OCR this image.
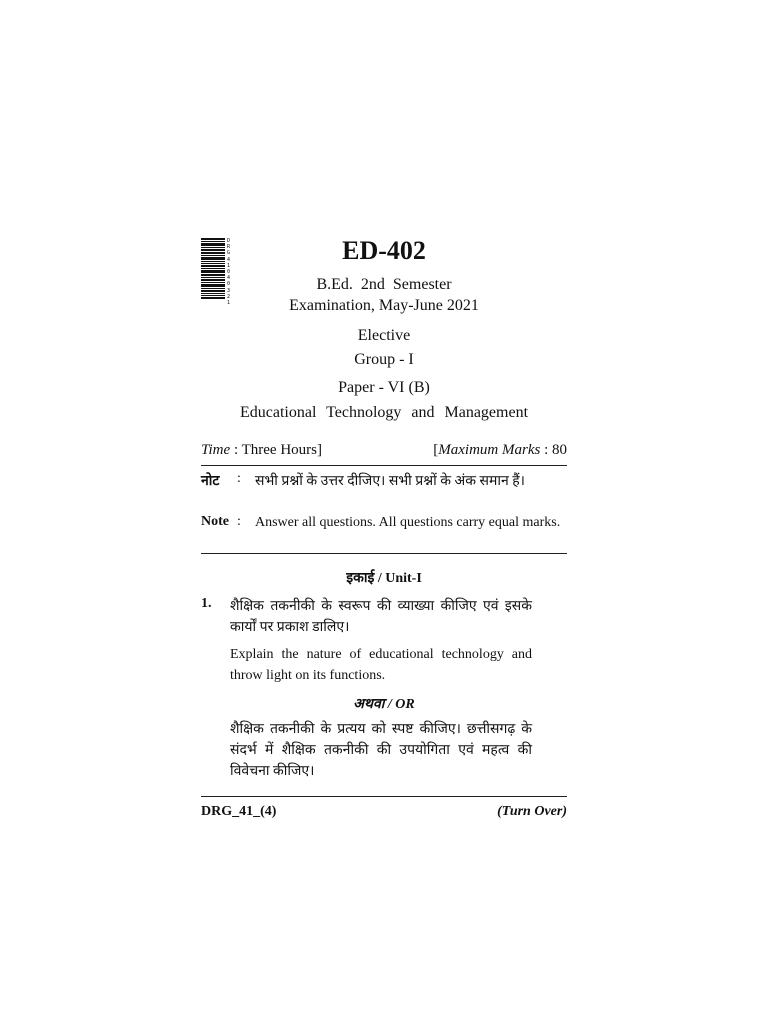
D
R
G
4
1
0
4
0
3
2
1
ED-402
B.Ed. 2nd Semester
Examination, May-June 2021
Elective
Group - I
Paper - VI (B)
Educational Technology and Management
Time : Three Hours]	[Maximum Marks : 80
नोट : सभी प्रश्नों के उत्तर दीजिए। सभी प्रश्नों के अंक समान हैं।
Note : Answer all questions. All questions carry equal marks.
इकाई / Unit-I
1. शैक्षिक तकनीकी के स्वरूप की व्याख्या कीजिए एवं इसके कार्यों पर प्रकाश डालिए।
Explain the nature of educational technology and throw light on its functions.
अथवा / OR
शैक्षिक तकनीकी के प्रत्यय को स्पष्ट कीजिए। छत्तीसगढ़ के संदर्भ में शैक्षिक तकनीकी की उपयोगिता एवं महत्व की विवेचना कीजिए।
DRG_41_(4)	(Turn Over)
